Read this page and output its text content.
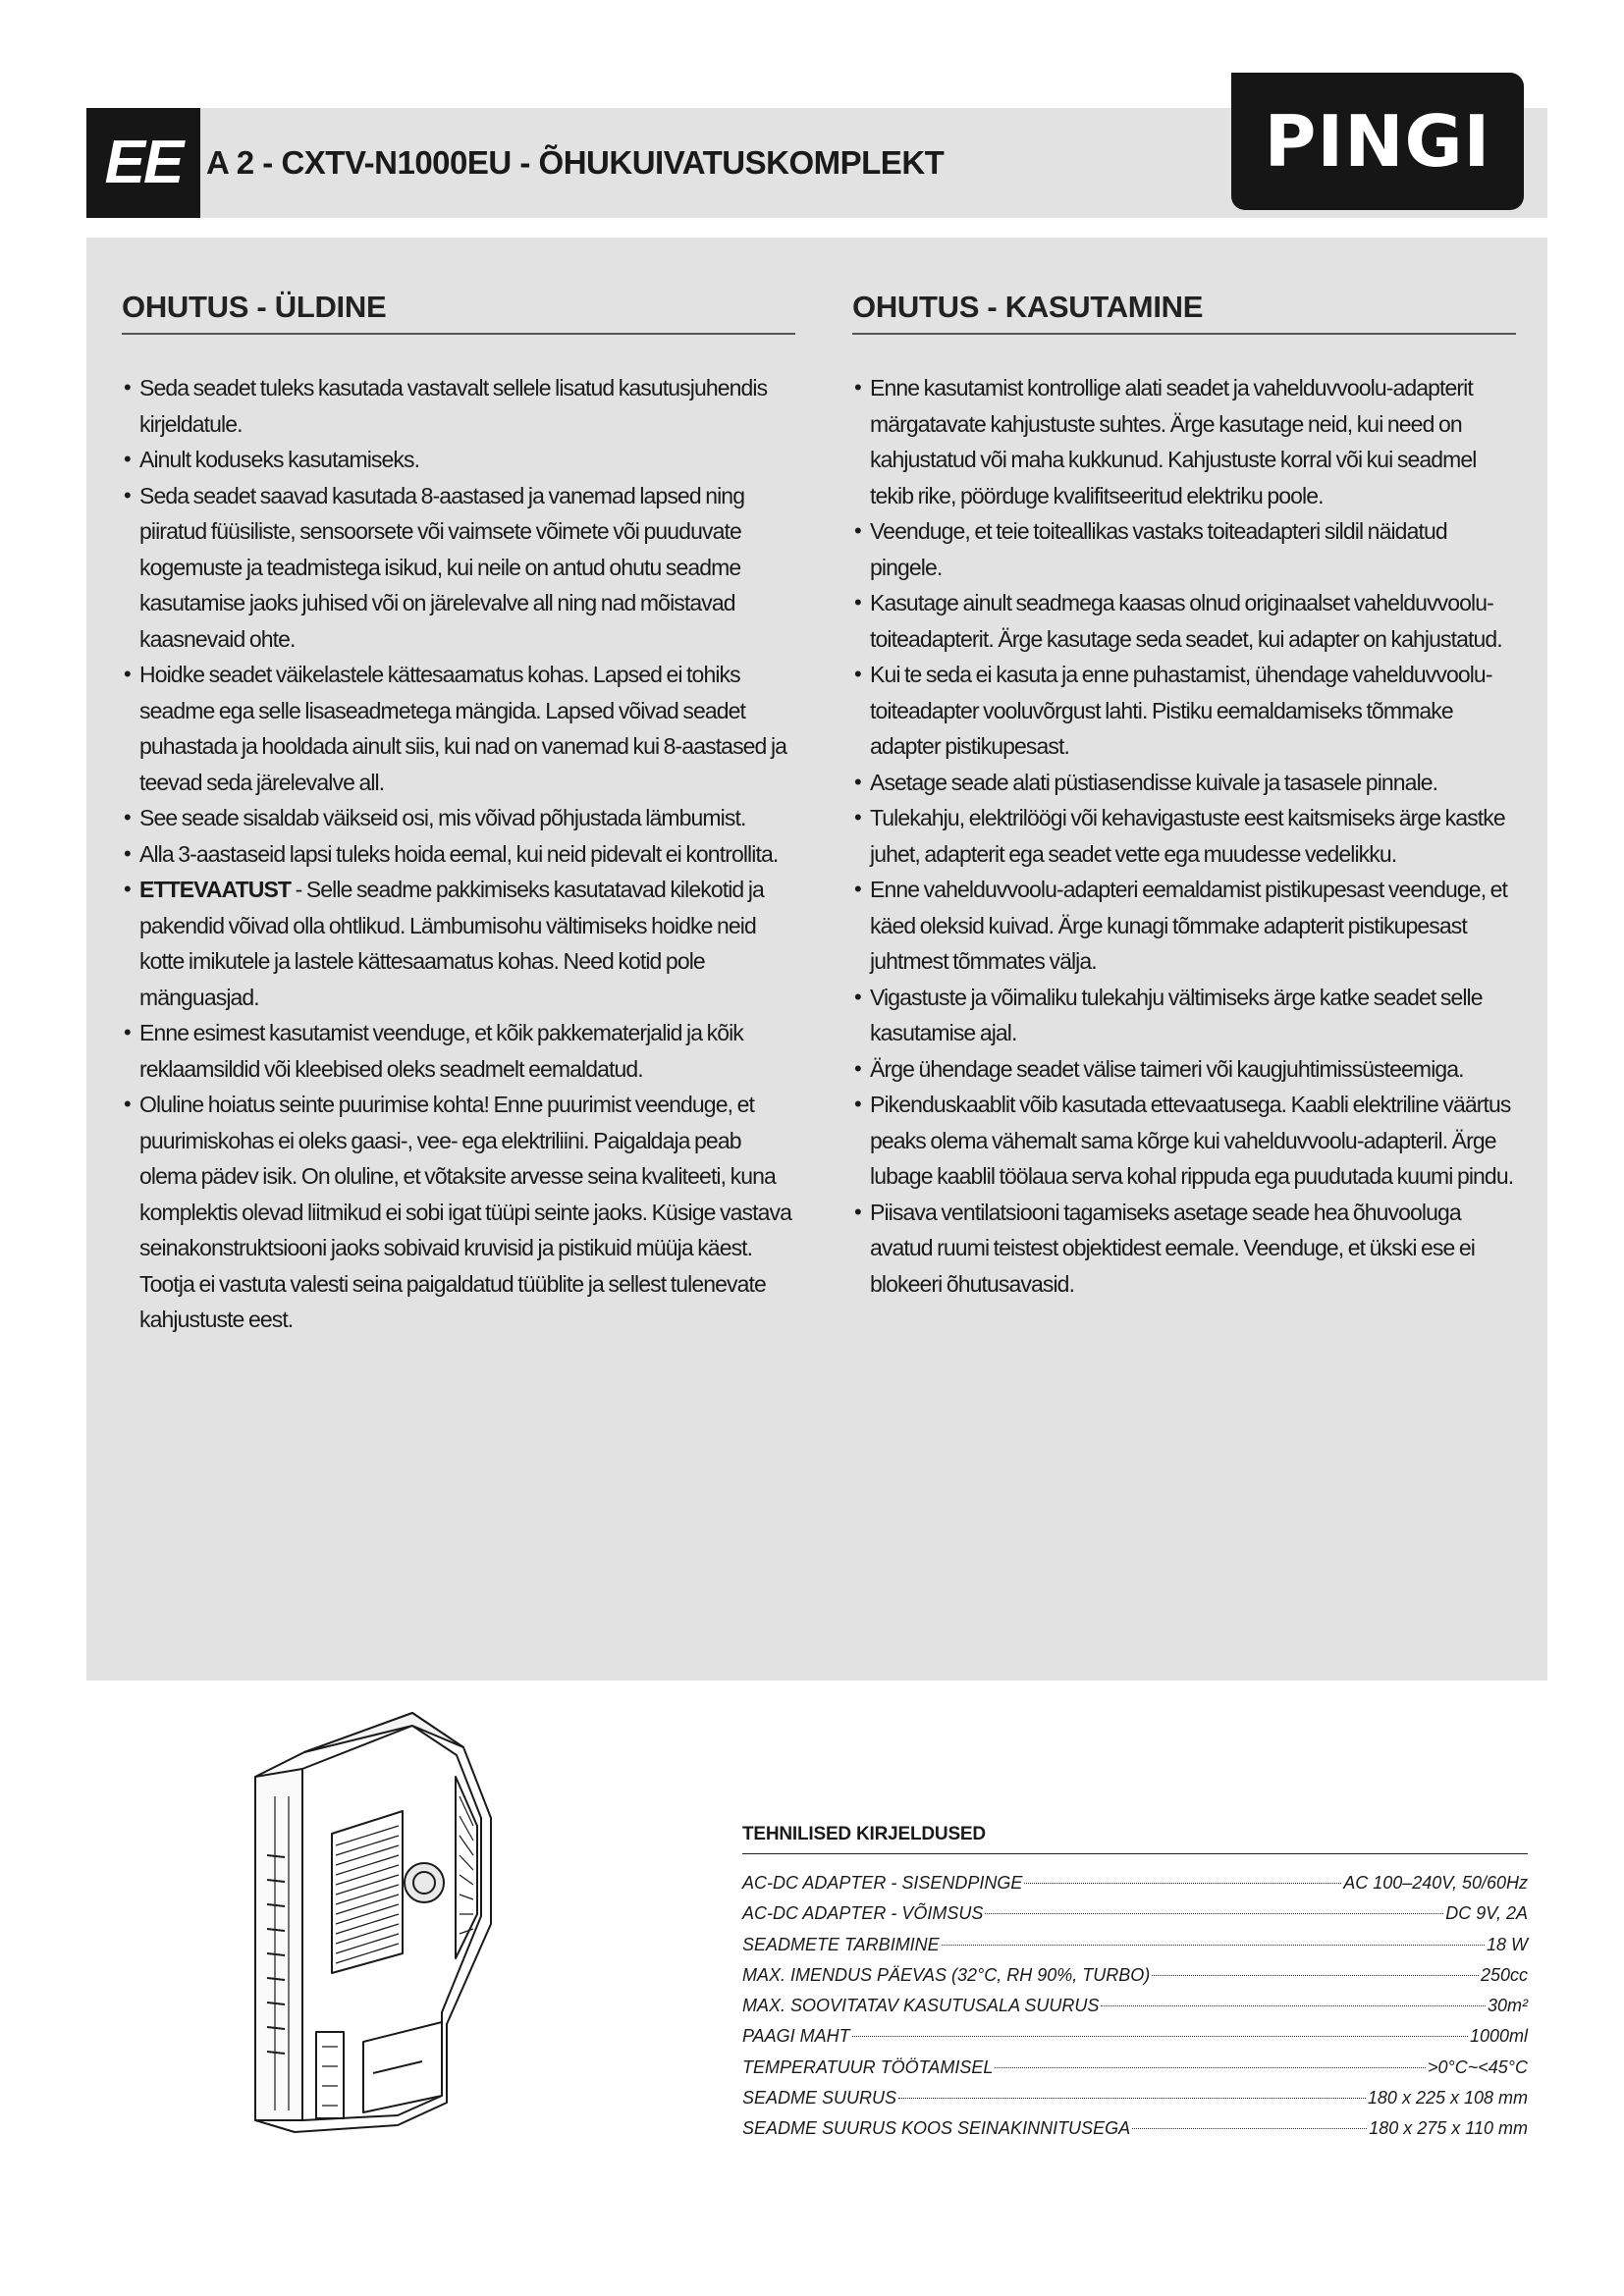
EE A 2 - CXTV-N1000EU - ÕHUKUIVATUSKOMPLEKT	PINGI
OHUTUS - ÜLDINE
• Seda seadet tuleks kasutada vastavalt sellele lisatud kasutusjuhendis kirjeldatule.
• Ainult koduseks kasutamiseks.
• Seda seadet saavad kasutada 8-aastased ja vanemad lapsed ning piiratud füüsiliste, sensoorsete või vaimsete võimete või puuduvate kogemuste ja teadmistega isikud, kui neile on antud ohutu seadme kasutamise jaoks juhised või on järelevalve all ning nad mõistavad kaasnevaid ohte.
• Hoidke seadet väikelastele kättesaamatus kohas. Lapsed ei tohiks seadme ega selle lisaseadmetega mängida. Lapsed võivad seadet puhastada ja hooldada ainult siis, kui nad on vanemad kui 8-aastased ja teevad seda järelevalve all.
• See seade sisaldab väikseid osi, mis võivad põhjustada lämbumist.
• Alla 3-aastaseid lapsi tuleks hoida eemal, kui neid pidevalt ei kontrollita.
• ETTEVAATUST - Selle seadme pakkimiseks kasutatavad kilekotid ja pakendid võivad olla ohtlikud. Lämbumisohu vältimiseks hoidke neid kotte imikutele ja lastele kättesaamatus kohas. Need kotid pole mänguasjad.
• Enne esimest kasutamist veenduge, et kõik pakkematerjalid ja kõik reklaamsildid või kleebised oleks seadmelt eemaldatud.
• Oluline hoiatus seinte puurimise kohta! Enne puurimist veenduge, et puurimiskohas ei oleks gaasi-, vee- ega elektriliini. Paigaldaja peab olema pädev isik. On oluline, et võtaksite arvesse seina kvaliteeti, kuna komplektis olevad liitmikud ei sobi igat tüüpi seinte jaoks. Küsige vastava seinakonstruktsiooni jaoks sobivaid kruvisid ja pistikuid müüja käest. Tootja ei vastuta valesti seina paigaldatud tüüblite ja sellest tulenevate kahjustuste eest.
OHUTUS - KASUTAMINE
• Enne kasutamist kontrollige alati seadet ja vahelduvvoolu-adapterit märgatavate kahjustuste suhtes. Ärge kasutage neid, kui need on kahjustatud või maha kukkunud. Kahjustuste korral või kui seadmel tekib rike, pöörduge kvalifitseeritud elektriku poole.
• Veenduge, et teie toiteallikas vastaks toiteadapteri sildil näidatud pingele.
• Kasutage ainult seadmega kaasas olnud originaalset vahelduvvoolu-toiteadapterit. Ärge kasutage seda seadet, kui adapter on kahjustatud.
• Kui te seda ei kasuta ja enne puhastamist, ühendage vahelduvvoolu-toiteadapter vooluvõrgust lahti. Pistiku eemaldamiseks tõmmake adapter pistikupesast.
• Asetage seade alati püstiasendisse kuivale ja tasasele pinnale.
• Tulekahju, elektrilöögi või kehavigastuste eest kaitsmiseks ärge kastke juhet, adapterit ega seadet vette ega muudesse vedelikku.
• Enne vahelduvvoolu-adapteri eemaldamist pistikupesast veenduge, et käed oleksid kuivad. Ärge kunagi tõmmake adapterit pistikupesast juhtmest tõmmates välja.
• Vigastuste ja võimaliku tulekahju vältimiseks ärge katke seadet selle kasutamise ajal.
• Ärge ühendage seadet välise taimeri või kaugjuhtimissüsteemiga.
• Pikenduskaablit võib kasutada ettevaatusega. Kaabli elektriline väärtus peaks olema vähemalt sama kõrge kui vahelduvvoolu-adapteril. Ärge lubage kaablil töölaua serva kohal rippuda ega puudutada kuumi pindu.
• Piisava ventilatsiooni tagamiseks asetage seade hea õhuvooluga avatud ruumi teistest objektidest eemale. Veenduge, et ükski ese ei blokeeri õhutusavasid.
TEHNILISED KIRJELDUSED
AC-DC ADAPTER - SISENDPINGE	AC 100–240V, 50/60Hz
AC-DC ADAPTER - VÕIMSUS	DC 9V, 2A
SEADMETE TARBIMINE	18 W
MAX. IMENDUS PÄEVAS (32°C, RH 90%, TURBO)	250cc
MAX. SOOVITATAV KASUTUSALA SUURUS	30m²
PAAGI MAHT	1000ml
TEMPERATUUR TÖÖTAMISEL	>0°C~<45°C
SEADME SUURUS	180 x 225 x 108 mm
SEADME SUURUS KOOS SEINAKINNITUSEGA	180 x 275 x 110 mm
